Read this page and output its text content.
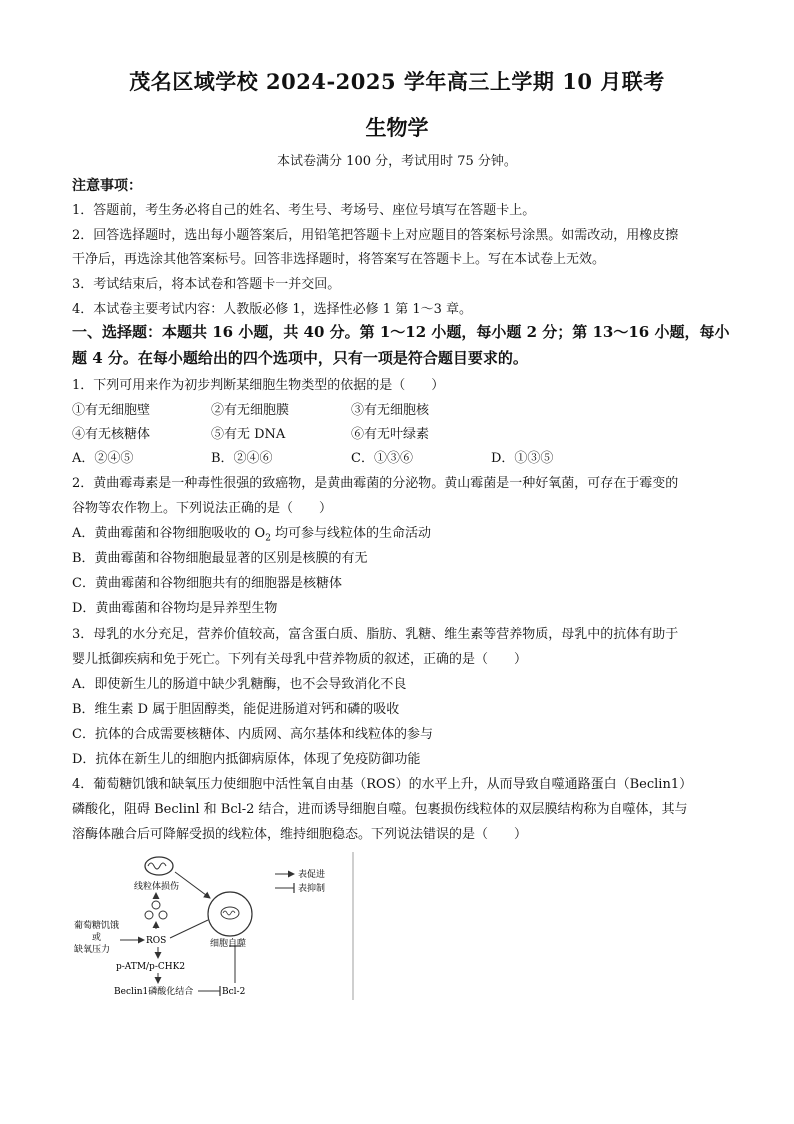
茂名区域学校 2024-2025 学年高三上学期 10 月联考
生物学
本试卷满分 100 分，考试用时 75 分钟。
注意事项：
1．答题前，考生务必将自己的姓名、考生号、考场号、座位号填写在答题卡上。
2．回答选择题时，选出每小题答案后，用铅笔把答题卡上对应题目的答案标号涂黑。如需改动，用橡皮擦
干净后，再选涂其他答案标号。回答非选择题时，将答案写在答题卡上。写在本试卷上无效。
3．考试结束后，将本试卷和答题卡一并交回。
4．本试卷主要考试内容：人教版必修 1，选择性必修 1 第 1～3 章。
一、选择题：本题共 16 小题，共 40 分。第 1～12 小题，每小题 2 分；第 13～16 小题，每小
题 4 分。在每小题给出的四个选项中，只有一项是符合题目要求的。
1．下列可用来作为初步判断某细胞生物类型的依据的是（　　）
①有无细胞壁	②有无细胞膜	③有无细胞核
④有无核糖体	⑤有无 DNA	⑥有无叶绿素
A．②④⑤	B．②④⑥	C．①③⑥	D．①③⑤
2．黄曲霉毒素是一种毒性很强的致癌物，是黄曲霉菌的分泌物。黄山霉菌是一种好氧菌，可存在于霉变的
谷物等农作物上。下列说法正确的是（　　）
A．黄曲霉菌和谷物细胞吸收的 $O_2$ 均可参与线粒体的生命活动
B．黄曲霉菌和谷物细胞最显著的区别是核膜的有无
C．黄曲霉菌和谷物细胞共有的细胞器是核糖体
D．黄曲霉菌和谷物均是异养型生物
3．母乳的水分充足，营养价值较高，富含蛋白质、脂肪、乳糖、维生素等营养物质，母乳中的抗体有助于
婴儿抵御疾病和免于死亡。下列有关母乳中营养物质的叙述，正确的是（　　）
A．即使新生儿的肠道中缺少乳糖酶，也不会导致消化不良
B．维生素 D 属于胆固醇类，能促进肠道对钙和磷的吸收
C．抗体的合成需要核糖体、内质网、高尔基体和线粒体的参与
D．抗体在新生儿的细胞内抵御病原体，体现了免疫防御功能
4．葡萄糖饥饿和缺氧压力使细胞中活性氧自由基（ROS）的水平上升，从而导致自噬通路蛋白（Beclin1）
磷酸化，阻碍 Beclinl 和 Bcl-2 结合，进而诱导细胞自噬。包裹损伤线粒体的双层膜结构称为自噬体，其与
溶酶体融合后可降解受损的线粒体，维持细胞稳态。下列说法错误的是（　　）
线粒体损伤
葡萄糖饥饿
或
缺氧压力
ROS
p-ATM/p-CHK2
Beclin1磷酸化结合	Bcl-2
细胞自噬
表促进
表抑制
